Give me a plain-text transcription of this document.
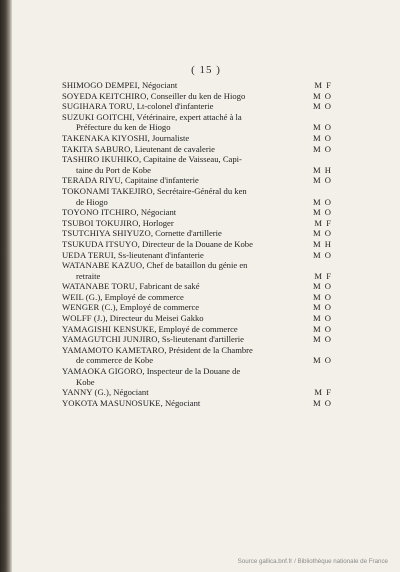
( 15 )
SHIMOGO DEMPEI, Négociant	M F
SOYEDA KEITCHIRO, Conseiller du ken de Hiogo	M O
SUGIHARA TORU, Lt-colonel d'infanterie	M O
SUZUKI GOITCHI, Vétérinaire, expert attaché à la
Préfecture du ken de Hiogo	M O
TAKENAKA KIYOSHI, Journaliste	M O
TAKITA SABURO, Lieutenant de cavalerie	M O
TASHIRO IKUHIKO, Capitaine de Vaisseau, Capi-
taine du Port de Kobe	M H
TERADA RIYU, Capitaine d'infanterie	M O
TOKONAMI TAKEJIRO, Secrétaire-Général du ken
de Hiogo	M O
TOYONO ITCHIRO, Négociant	M O
TSUBOI TOKUJIRO, Horloger	M F
TSUTCHIYA SHIYUZO, Cornette d'artillerie	M O
TSUKUDA ITSUYO, Directeur de la Douane de Kobe	M H
UEDA TERUI, Ss-lieutenant d'infanterie	M O
WATANABE KAZUO, Chef de bataillon du génie en
retraite	M F
WATANABE TORU, Fabricant de saké	M O
WEIL (G.), Employé de commerce	M O
WENGER (C.), Employé de commerce	M O
WOLFF (J.), Directeur du Meisei Gakko	M O
YAMAGISHI KENSUKE, Employé de commerce	M O
YAMAGUTCHI JUNJIRO, Ss-lieutenant d'artillerie	M O
YAMAMOTO KAMETARO, Président de la Chambre
de commerce de Kobe	M O
YAMAOKA GIGORO, Inspecteur de la Douane de
Kobe
YANNY (G.), Négociant	M F
YOKOTA MASUNOSUKE, Négociant	M O
Source gallica.bnf.fr / Bibliothèque nationale de France
